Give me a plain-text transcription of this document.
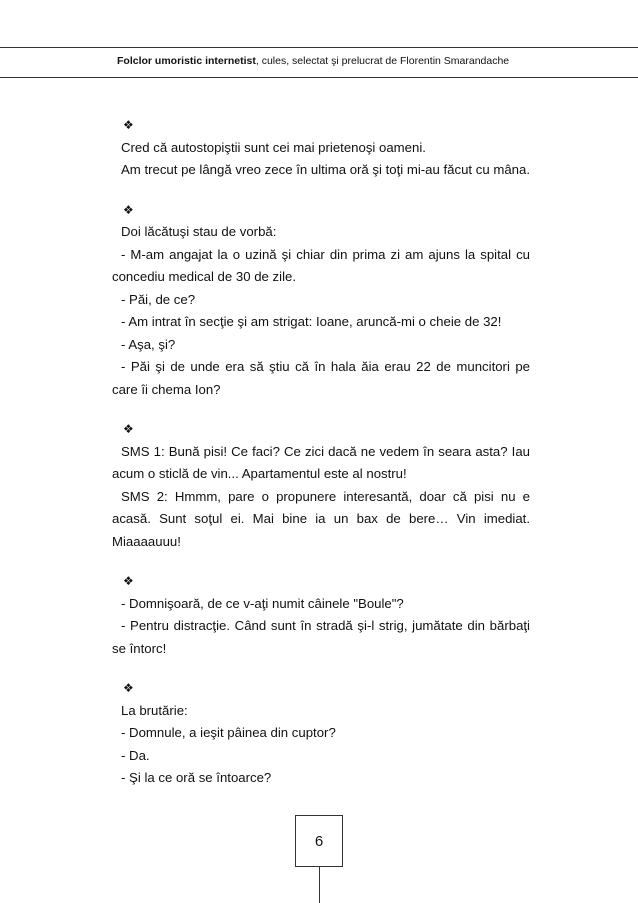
Folclor umoristic internetist, cules, selectat şi prelucrat de Florentin Smarandache
❖

Cred că autostopiştii sunt cei mai prietenoşi oameni.

Am trecut pe lângă vreo zece în ultima oră şi toţi mi-au făcut cu mâna.

❖

Doi lăcătuşi stau de vorbă:

- M-am angajat la o uzină şi chiar din prima zi am ajuns la spital cu concediu medical de 30 de zile.

- Păi, de ce?

- Am intrat în secţie şi am strigat: Ioane, aruncă-mi o cheie de 32!

- Aşa, şi?

- Păi şi de unde era să ştiu că în hala ăia erau 22 de muncitori pe care îi chema Ion?

❖

SMS 1: Bună pisi! Ce faci? Ce zici dacă ne vedem în seara asta? Iau acum o sticlă de vin... Apartamentul este al nostru!

SMS 2: Hmmm, pare o propunere interesantă, doar că pisi nu e acasă. Sunt soţul ei. Mai bine ia un bax de bere… Vin imediat. Miaaaauuu!

❖

- Domnişoară, de ce v-aţi numit câinele "Boule"?

- Pentru distracţie. Când sunt în stradă şi-l strig, jumătate din bărbaţi se întorc!

❖

La brutărie:

- Domnule, a ieşit pâinea din cuptor?

- Da.

- Şi la ce oră se întoarce?

6
